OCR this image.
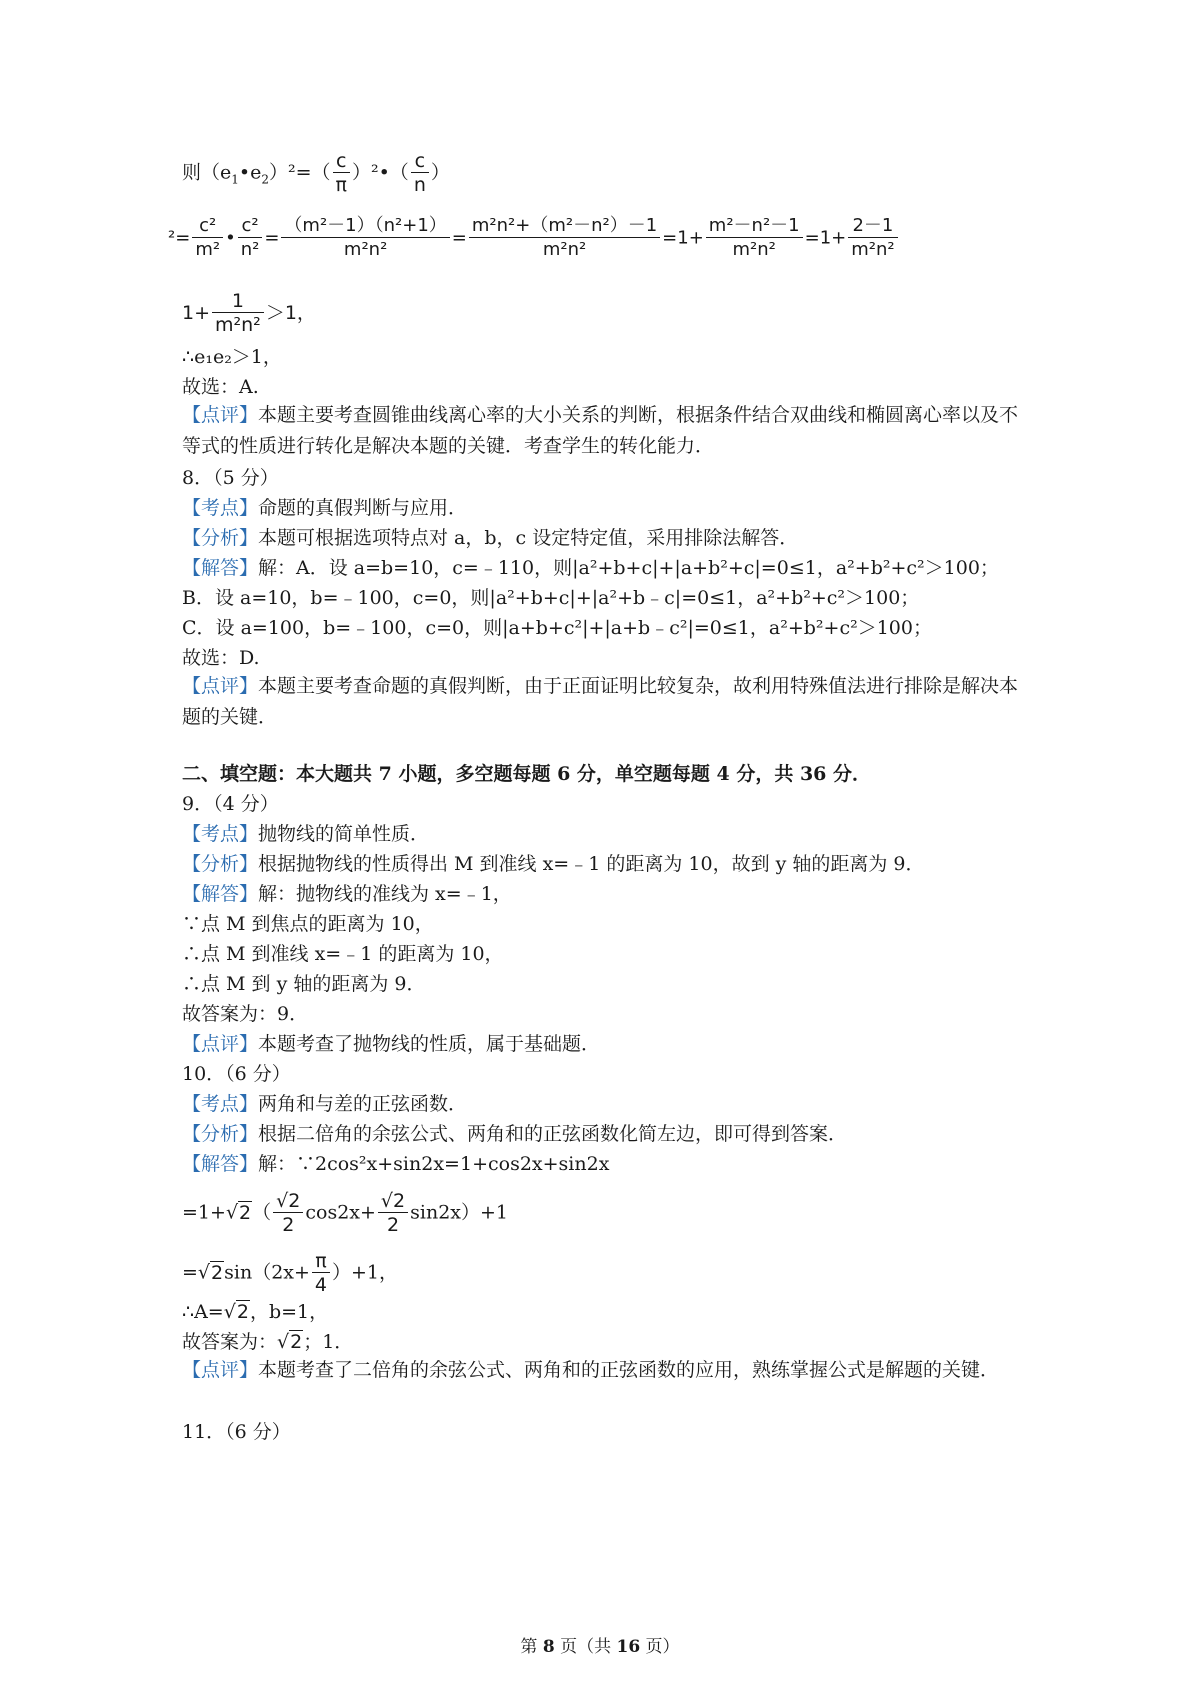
则$(e_1•e_2)^2=( \frac{c}{\pi}$ ）²•（ $\frac{c}{n}$ ）
$^2= \frac{\text{c²}}{\text{m²}}$ • $\frac{\text{c²}}{\text{n²}} = \frac{\text{（m²－1）（n²+1）}}{\text{m²n²}} = \frac{\text{m²n²+（m²－n²）－1}}{\text{m²n²}} =1+ \frac{\text{m²－n²－1}}{\text{m²n²}} =1+ \frac{2-1}{\text{m²n²}}$
$1+ \frac{1}{\text{m²n²}} >1$，
∴e₁e₂＞1，
故选：A.
【点评】本题主要考查圆锥曲线离心率的大小关系的判断，根据条件结合双曲线和椭圆离心率以及不等式的性质进行转化是解决本题的关键．考查学生的转化能力．
8．（5 分）
【考点】命题的真假判断与应用．
【分析】本题可根据选项特点对 a，b，c 设定特定值，采用排除法解答．
【解答】解：A．设 a=b=10，c=﹣110，则|a²+b+c|+|a+b²+c|=0≤1，a²+b²+c²＞100；
B．设 a=10，b=﹣100，c=0，则|a²+b+c|+|a²+b﹣c|=0≤1，a²+b²+c²＞100；
C．设 a=100，b=﹣100，c=0，则|a+b+c²|+|a+b﹣c²|=0≤1，a²+b²+c²＞100；
故选：D.
【点评】本题主要考查命题的真假判断，由于正面证明比较复杂，故利用特殊值法进行排除是解决本题的关键．
二、填空题：本大题共 7 小题，多空题每题 6 分，单空题每题 4 分，共 36 分．
9．（4 分）
【考点】抛物线的简单性质．
【分析】根据抛物线的性质得出 M 到准线 x=﹣1 的距离为 10，故到 y 轴的距离为 9．
【解答】解：抛物线的准线为 x=﹣1，
∵点 M 到焦点的距离为 10，
∴点 M 到准线 x=﹣1 的距离为 10，
∴点 M 到 y 轴的距离为 9．
故答案为：9．
【点评】本题考查了抛物线的性质，属于基础题．
10．（6 分）
【考点】两角和与差的正弦函数．
【分析】根据二倍角的余弦公式、两角和的正弦函数化简左边，即可得到答案．
【解答】解：∵2cos²x+sin2x=1+cos2x+sin2x
$=1+√2( \frac{√2}{2} \cos 2x+ \frac{√2}{2} \sin 2x)+1$
$=√2\sin(2x+ \frac{\pi}{4} )+1$，
∴A=√2，b=1，
故答案为：√2；1．
【点评】本题考查了二倍角的余弦公式、两角和的正弦函数的应用，熟练掌握公式是解题的关键．
11．（6 分）
第 8 页（共 16 页）
